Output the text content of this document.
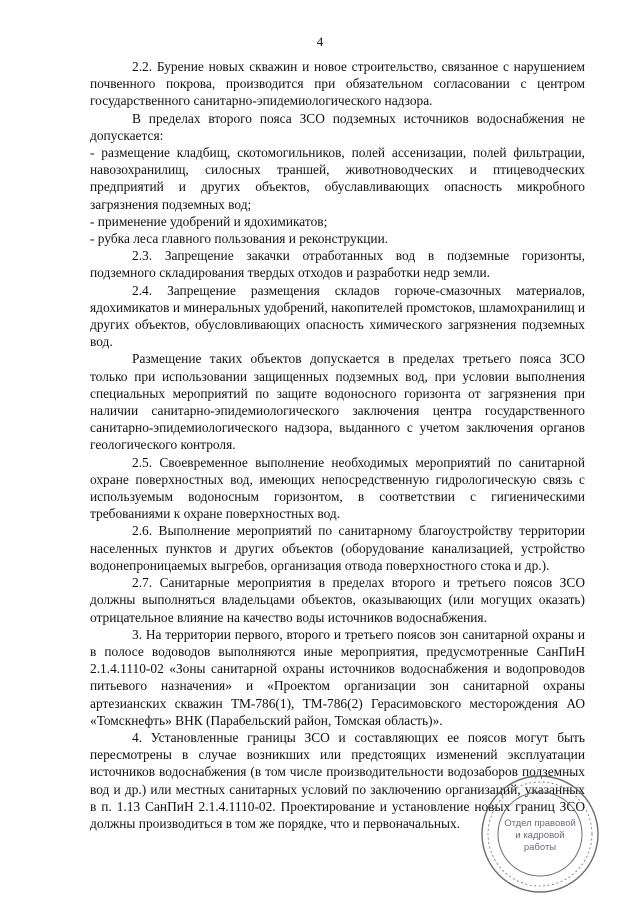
4

2.2. Бурение новых скважин и новое строительство, связанное с нарушением почвенного покрова, производится при обязательном согласовании с центром государственного санитарно-эпидемиологического надзора.

В пределах второго пояса ЗСО подземных источников водоснабжения не допускается:

- размещение кладбищ, скотомогильников, полей ассенизации, полей фильтрации, навозохранилищ, силосных траншей, животноводческих и птицеводческих предприятий и других объектов, обуславливающих опасность микробного загрязнения подземных вод;

- применение удобрений и ядохимикатов;

- рубка леса главного пользования и реконструкции.

2.3. Запрещение закачки отработанных вод в подземные горизонты, подземного складирования твердых отходов и разработки недр земли.

2.4. Запрещение размещения складов горюче-смазочных материалов, ядохимикатов и минеральных удобрений, накопителей промстоков, шламохранилищ и других объектов, обусловливающих опасность химического загрязнения подземных вод.

Размещение таких объектов допускается в пределах третьего пояса ЗСО только при использовании защищенных подземных вод, при условии выполнения специальных мероприятий по защите водоносного горизонта от загрязнения при наличии санитарно-эпидемиологического заключения центра государственного санитарно-эпидемиологического надзора, выданного с учетом заключения органов геологического контроля.

2.5. Своевременное выполнение необходимых мероприятий по санитарной охране поверхностных вод, имеющих непосредственную гидрологическую связь с используемым водоносным горизонтом, в соответствии с гигиеническими требованиями к охране поверхностных вод.

2.6. Выполнение мероприятий по санитарному благоустройству территории населенных пунктов и других объектов (оборудование канализацией, устройство водонепроницаемых выгребов, организация отвода поверхностного стока и др.).

2.7. Санитарные мероприятия в пределах второго и третьего поясов ЗСО должны выполняться владельцами объектов, оказывающих (или могущих оказать) отрицательное влияние на качество воды источников водоснабжения.

3. На территории первого, второго и третьего поясов зон санитарной охраны и в полосе водоводов выполняются иные мероприятия, предусмотренные СанПиН 2.1.4.1110-02 «Зоны санитарной охраны источников водоснабжения и водопроводов питьевого назначения» и «Проектом организации зон санитарной охраны артезианских скважин ТМ-786(1), ТМ-786(2) Герасимовского месторождения АО «Томскнефть» ВНК (Парабельский район, Томская область)».

4. Установленные границы ЗСО и составляющих ее поясов могут быть пересмотрены в случае возникших или предстоящих изменений эксплуатации источников водоснабжения (в том числе производительности водозаборов подземных вод и др.) или местных санитарных условий по заключению организаций, указанных в п. 1.13 СанПиН 2.1.4.1110-02. Проектирование и установление новых границ ЗСО должны производиться в том же порядке, что и первоначальных.	Отдел правовой
и кадровой
работы
